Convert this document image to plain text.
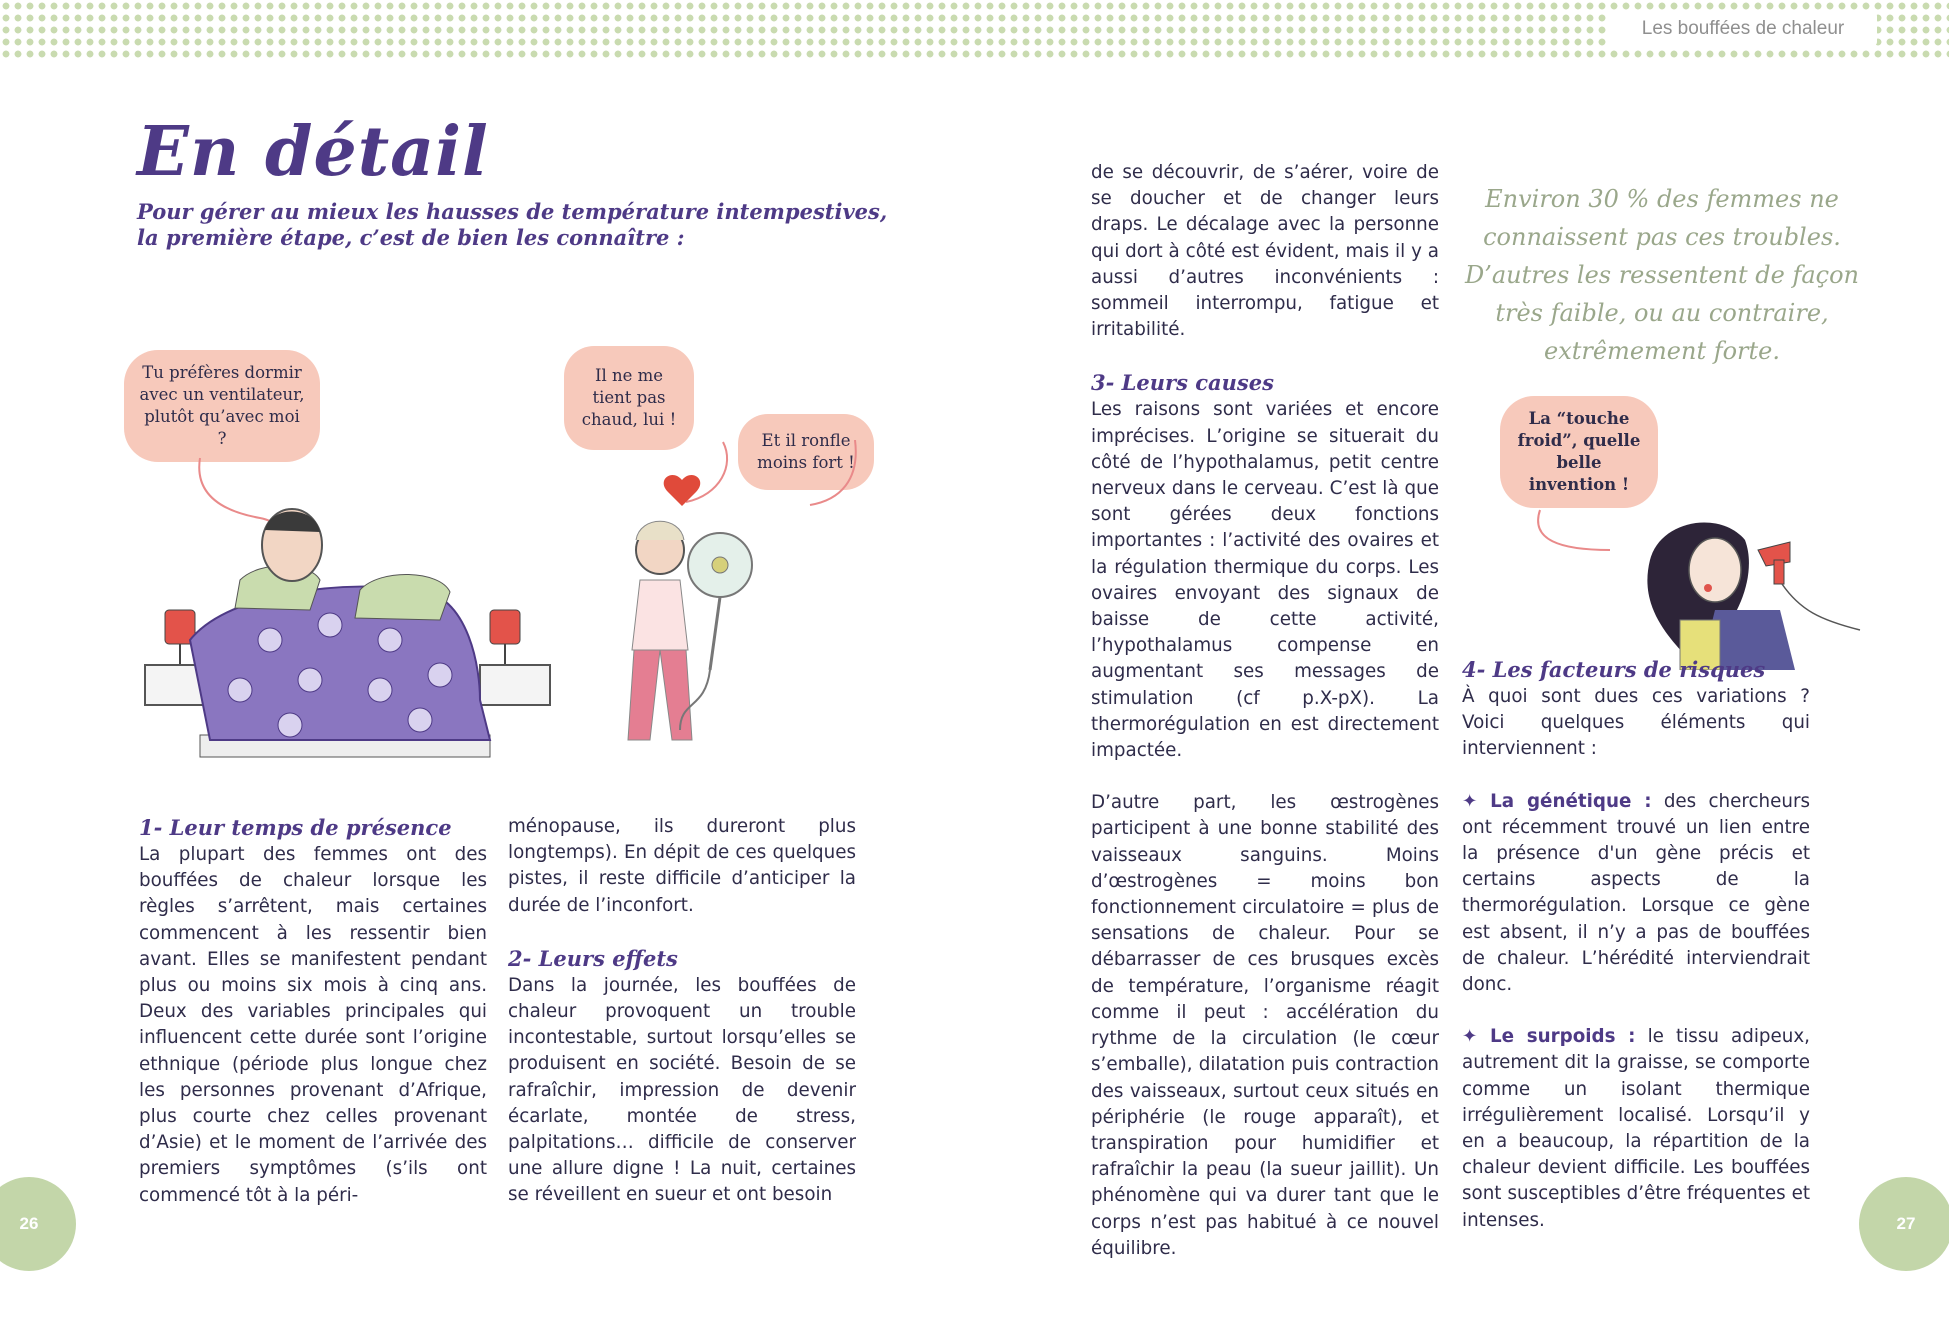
Les bouffées de chaleur
En détail

Pour gérer au mieux les hausses de température intempestives, la première étape, c’est de bien les connaître :

Tu préfères dormir avec un ventilateur, plutôt qu’avec moi ?
Il ne me tient pas chaud, lui !
Et il ronfle moins fort !
1- Leur temps de présence

La plupart des femmes ont des bouffées de chaleur lorsque les règles s’arrêtent, mais certaines commencent à les ressentir bien avant. Elles se manifestent pendant plus ou moins six mois à cinq ans. Deux des variables principales qui influencent cette durée sont l’origine ethnique (période plus longue chez les personnes provenant d’Afrique, plus courte chez celles provenant d’Asie) et le moment de l’arrivée des premiers symptômes (s’ils ont commencé tôt à la péri-

ménopause, ils dureront plus longtemps). En dépit de ces quelques pistes, il reste difficile d’anticiper la durée de l’inconfort.

2- Leurs effets

Dans la journée, les bouffées de chaleur provoquent un trouble incontestable, surtout lorsqu’elles se produisent en société. Besoin de se rafraîchir, impression de devenir écarlate, montée de stress, palpitations… difficile de conserver une allure digne ! La nuit, certaines se réveillent en sueur et ont besoin

de se découvrir, de s’aérer, voire de se doucher et de changer leurs draps. Le décalage avec la personne qui dort à côté est évident, mais il y a aussi d’autres inconvénients : sommeil interrompu, fatigue et irritabilité.

3- Leurs causes

Les raisons sont variées et encore imprécises. L’origine se situerait du côté de l’hypothalamus, petit centre nerveux dans le cerveau. C’est là que sont gérées deux fonctions importantes : l’activité des ovaires et la régulation thermique du corps. Les ovaires envoyant des signaux de baisse de cette activité, l’hypothalamus compense en augmentant ses messages de stimulation (cf p.X-pX). La thermorégulation en est directement impactée.

D’autre part, les œstrogènes participent à une bonne stabilité des vaisseaux sanguins. Moins d’œstrogènes = moins bon fonctionnement circulatoire = plus de sensations de chaleur. Pour se débarrasser de ces brusques excès de température, l’organisme réagit comme il peut : accélération du rythme de la circulation (le cœur s’emballe), dilatation puis contraction des vaisseaux, surtout ceux situés en périphérie (le rouge apparaît), et transpiration pour humidifier et rafraîchir la peau (la sueur jaillit). Un phénomène qui va durer tant que le corps n’est pas habitué à ce nouvel équilibre.

Environ 30 % des femmes ne connaissent pas ces troubles. D’autres les ressentent de façon très faible, ou au contraire, extrêmement forte.

La “touche froid”, quelle belle invention !
4- Les facteurs de risques

À quoi sont dues ces variations ? Voici quelques éléments qui interviennent :

✦ La génétique : des chercheurs ont récemment trouvé un lien entre la présence d'un gène précis et certains aspects de la thermorégulation. Lorsque ce gène est absent, il n’y a pas de bouffées de chaleur. L’hérédité interviendrait donc.

✦ Le surpoids : le tissu adipeux, autrement dit la graisse, se comporte comme un isolant thermique irrégulièrement localisé. Lorsqu’il y en a beaucoup, la répartition de la chaleur devient difficile. Les bouffées sont susceptibles d’être fréquentes et intenses.

26	27
